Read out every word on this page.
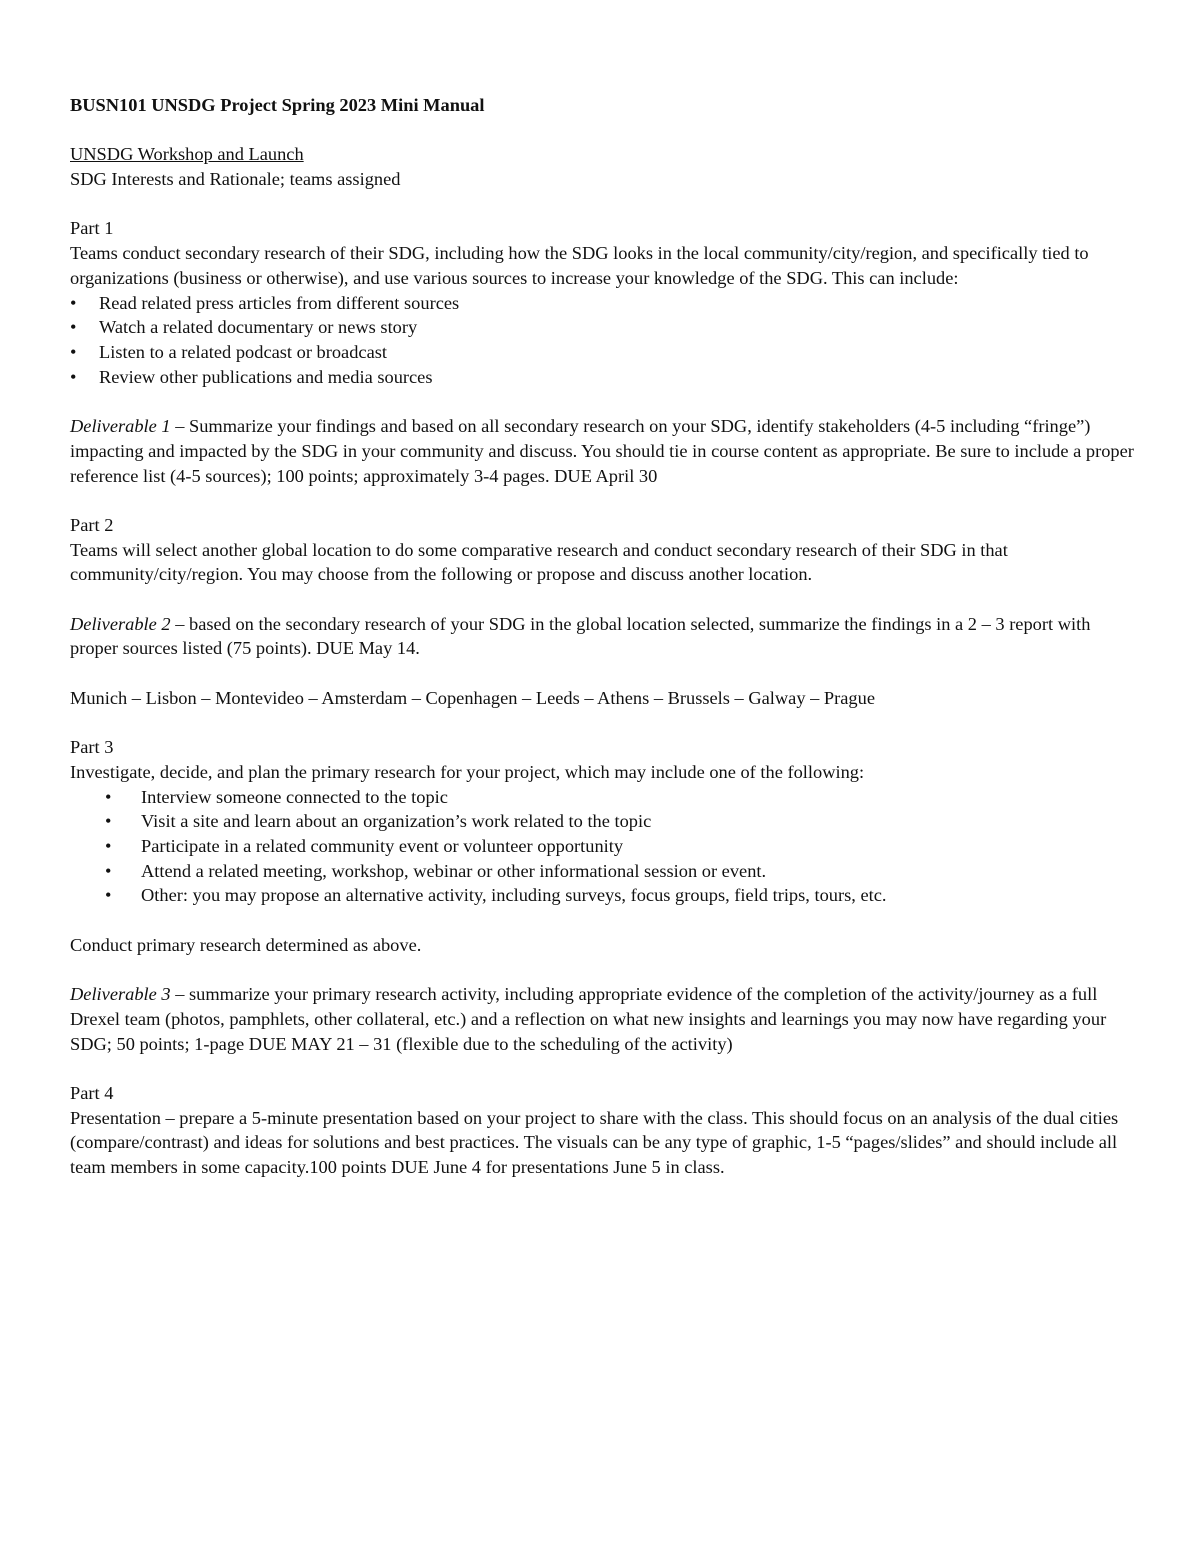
BUSN101 UNSDG Project Spring 2023 Mini Manual

UNSDG Workshop and Launch

SDG Interests and Rationale; teams assigned

Part 1

Teams conduct secondary research of their SDG, including how the SDG looks in the local community/city/region, and specifically tied to organizations (business or otherwise), and use various sources to increase your knowledge of the SDG. This can include:

• Read related press articles from different sources
• Watch a related documentary or news story
• Listen to a related podcast or broadcast
• Review other publications and media sources

Deliverable 1 – Summarize your findings and based on all secondary research on your SDG, identify stakeholders (4-5 including “fringe”) impacting and impacted by the SDG in your community and discuss. You should tie in course content as appropriate. Be sure to include a proper reference list (4-5 sources); 100 points; approximately 3-4 pages. DUE April 30

Part 2

Teams will select another global location to do some comparative research and conduct secondary research of their SDG in that community/city/region. You may choose from the following or propose and discuss another location.

Deliverable 2 – based on the secondary research of your SDG in the global location selected, summarize the findings in a 2 – 3 report with proper sources listed (75 points). DUE May 14.

Munich – Lisbon – Montevideo – Amsterdam – Copenhagen – Leeds – Athens – Brussels – Galway – Prague

Part 3

Investigate, decide, and plan the primary research for your project, which may include one of the following:

• Interview someone connected to the topic
• Visit a site and learn about an organization’s work related to the topic
• Participate in a related community event or volunteer opportunity
• Attend a related meeting, workshop, webinar or other informational session or event.
• Other: you may propose an alternative activity, including surveys, focus groups, field trips, tours, etc.

Conduct primary research determined as above.

Deliverable 3 – summarize your primary research activity, including appropriate evidence of the completion of the activity/journey as a full Drexel team (photos, pamphlets, other collateral, etc.) and a reflection on what new insights and learnings you may now have regarding your SDG; 50 points; 1-page DUE MAY 21 – 31 (flexible due to the scheduling of the activity)

Part 4

Presentation – prepare a 5-minute presentation based on your project to share with the class. This should focus on an analysis of the dual cities (compare/contrast) and ideas for solutions and best practices. The visuals can be any type of graphic, 1-5 “pages/slides” and should include all team members in some capacity.100 points DUE June 4 for presentations June 5 in class.
